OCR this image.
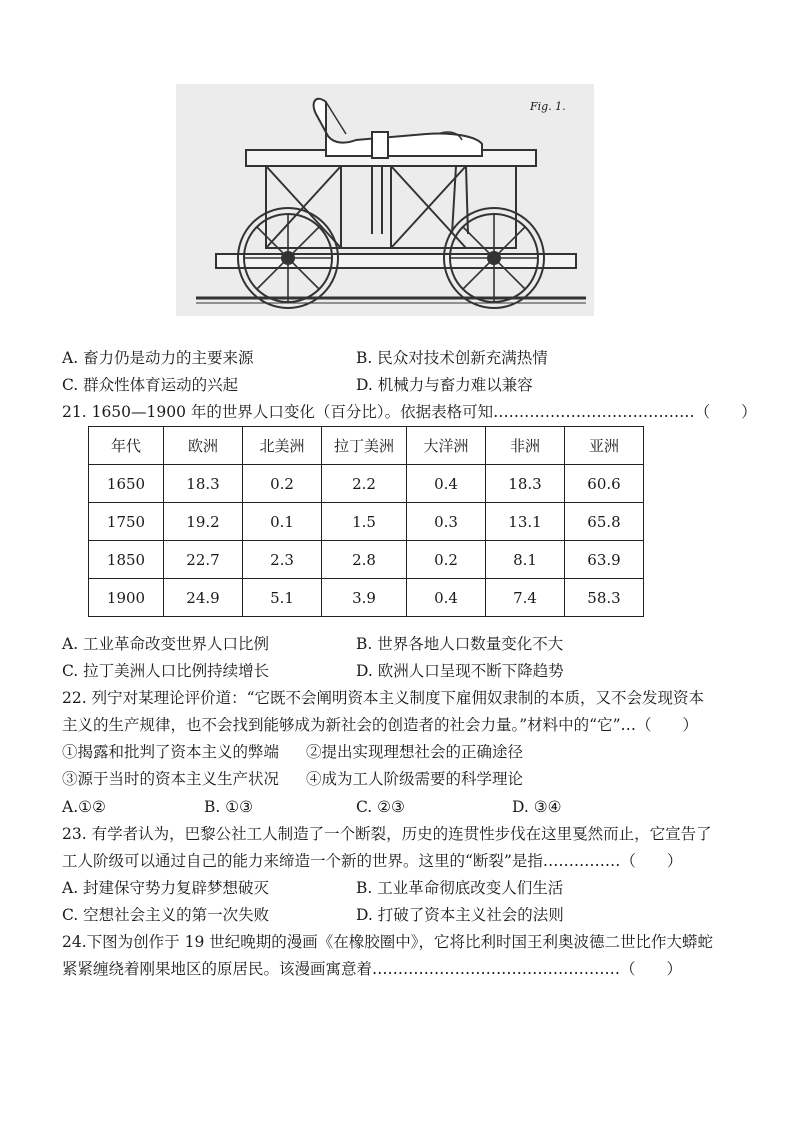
Fig. 1.
A. 畜力仍是动力的主要来源	B. 民众对技术创新充满热情
C. 群众性体育运动的兴起	D. 机械力与畜力难以兼容
21. 1650—1900 年的世界人口变化（百分比）。依据表格可知…………………………………（　　）
年代	欧洲	北美洲	拉丁美洲	大洋洲	非洲	亚洲
1650	18.3	0.2	2.2	0.4	18.3	60.6
1750	19.2	0.1	1.5	0.3	13.1	65.8
1850	22.7	2.3	2.8	0.2	8.1	63.9
1900	24.9	5.1	3.9	0.4	7.4	58.3
A. 工业革命改变世界人口比例	B. 世界各地人口数量变化不大
C. 拉丁美洲人口比例持续增长	D. 欧洲人口呈现不断下降趋势
22. 列宁对某理论评价道：“它既不会阐明资本主义制度下雇佣奴隶制的本质，又不会发现资本
主义的生产规律，也不会找到能够成为新社会的创造者的社会力量。”材料中的“它”…（　　）
①揭露和批判了资本主义的弊端 ②提出实现理想社会的正确途径
③源于当时的资本主义生产状况 ④成为工人阶级需要的科学理论
A.①②	B. ①③	C. ②③	D. ③④
23. 有学者认为，巴黎公社工人制造了一个断裂，历史的连贯性步伐在这里戛然而止，它宣告了
工人阶级可以通过自己的能力来缔造一个新的世界。这里的“断裂”是指……………（　　）
A. 封建保守势力复辟梦想破灭	B. 工业革命彻底改变人们生活
C. 空想社会主义的第一次失败	D. 打破了资本主义社会的法则
24.下图为创作于 19 世纪晚期的漫画《在橡胶圈中》，它将比利时国王利奥波德二世比作大蟒蛇
紧紧缠绕着刚果地区的原居民。该漫画寓意着…………………………………………（　　）
